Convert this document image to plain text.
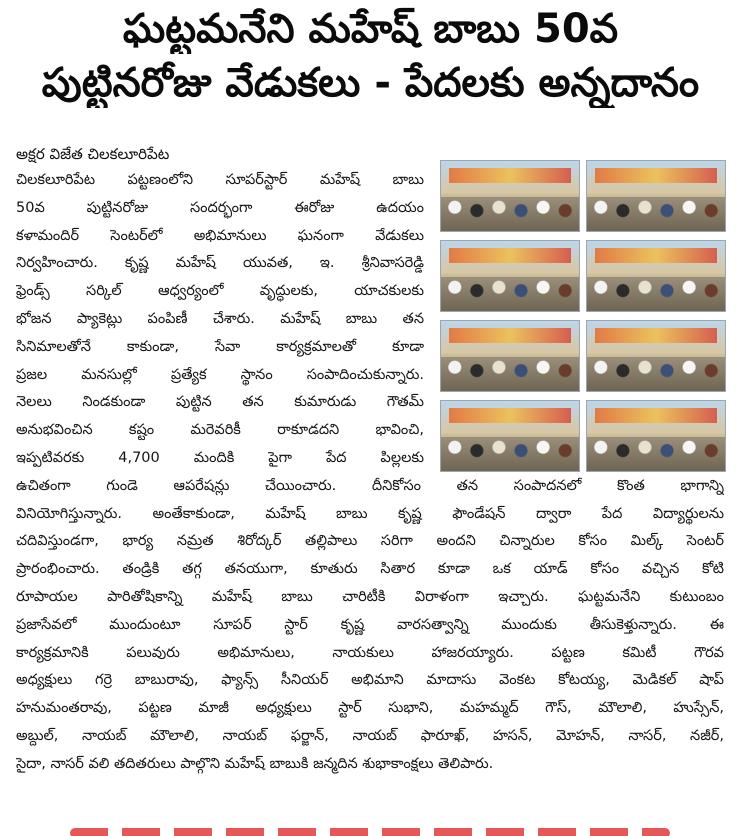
ఘట్టమనేని మహేష్ బాబు 50వ
పుట్టినరోజు వేడుకలు - పేదలకు అన్నదానం
అక్షర విజేత చిలకలూరిపేట
చిలకలూరిపేట పట్టణంలోని సూపర్‌స్టార్ మహేష్ బాబు
50వ పుట్టినరోజు సందర్భంగా ఈరోజు ఉదయం
కళామందిర్ సెంటర్‌లో అభిమానులు ఘనంగా వేడుకలు
నిర్వహించారు. కృష్ణ మహేష్ యువత, ఇ. శ్రీనివాసరెడ్డి
ఫ్రెండ్స్ సర్కిల్ ఆధ్వర్యంలో వృద్ధులకు, యాచకులకు
భోజన ప్యాకెట్లు పంపిణీ చేశారు. మహేష్ బాబు తన
సినిమాలతోనే కాకుండా, సేవా కార్యక్రమాలతో కూడా
ప్రజల మనసుల్లో ప్రత్యేక స్థానం సంపాదించుకున్నారు.
నెలలు నిండకుండా పుట్టిన తన కుమారుడు గౌతమ్
అనుభవించిన కష్టం మరెవరికీ రాకూడదని భావించి,
ఇప్పటివరకు 4,700 మందికి పైగా పేద పిల్లలకు
ఉచితంగా గుండె ఆపరేషన్లు చేయించారు. దీనికోసం తన సంపాదనలో కొంత భాగాన్ని
వినియోగిస్తున్నారు. అంతేకాకుండా, మహేష్ బాబు కృష్ణ ఫౌండేషన్ ద్వారా పేద విద్యార్థులను
చదివిస్తుండగా, భార్య నమ్రత శిరోద్కర్ తల్లిపాలు సరిగా అందని చిన్నారుల కోసం మిల్క్ సెంటర్
ప్రారంభించారు. తండ్రికి తగ్గ తనయుగా, కూతురు సితార కూడా ఒక యాడ్ కోసం వచ్చిన కోటి
రూపాయల పారితోషికాన్ని మహేష్ బాబు చారిటీకి విరాళంగా ఇచ్చారు. ఘట్టమనేని కుటుంబం
ప్రజాసేవలో ముందుంటూ సూపర్ స్టార్ కృష్ణ వారసత్వాన్ని ముందుకు తీసుకెళ్తున్నారు. ఈ
కార్యక్రమానికి పలువురు అభిమానులు, నాయకులు హాజరయ్యారు. పట్టణ కమిటీ గౌరవ
అధ్యక్షులు గర్రె బాబురావు, ఫ్యాన్స్ సీనియర్ అభిమాని మాదాసు వెంకట కోటయ్య, మెడికల్ షాప్
హనుమంతరావు, పట్టణ మాజీ అధ్యక్షులు స్టార్ సుభాని, మహమ్మద్ గౌస్, మౌలాలి, హుస్సేన్,
అబ్దుల్, నాయబ్ మౌలాలి, నాయబ్ ఫర్జాన్, నాయబ్ ఫారూఖ్, హసన్, మోహన్, నాసర్, నజీర్,
సైదా, నాసర్ వలి తదితరులు పాల్గొని మహేష్ బాబుకి జన్మదిన శుభాకాంక్షలు తెలిపారు.
